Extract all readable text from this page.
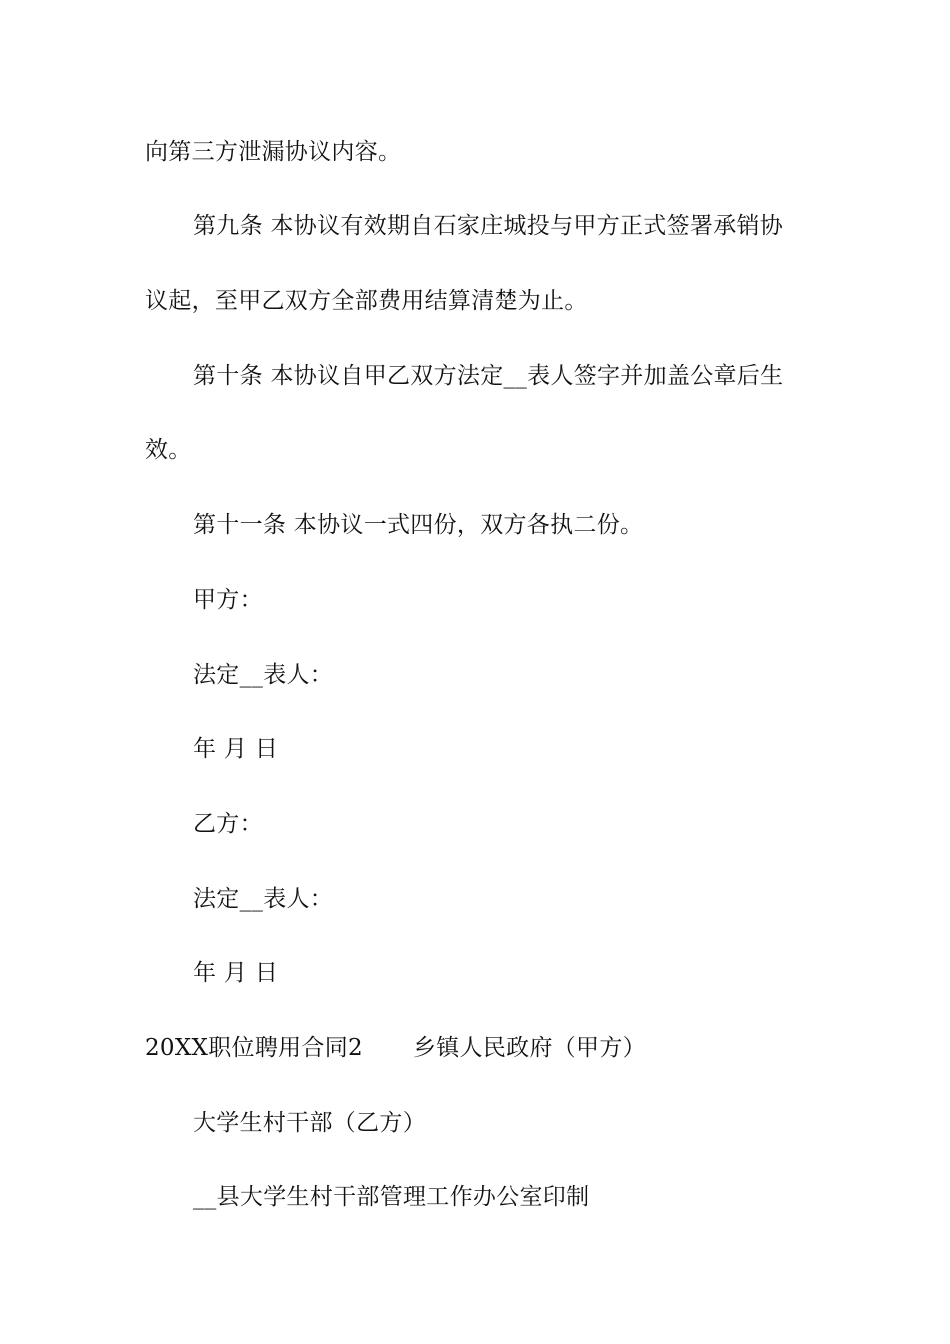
向第三方泄漏协议内容。
第九条 本协议有效期自石家庄城投与甲方正式签署承销协
议起，至甲乙双方全部费用结算清楚为止。
第十条 本协议自甲乙双方法定__表人签字并加盖公章后生
效。
第十一条 本协议一式四份，双方各执二份。
甲方：
法定__表人：
年 月 日
乙方：
法定__表人：
年 月 日
20XX职位聘用合同2 乡镇人民政府（甲方）
大学生村干部（乙方）
__县大学生村干部管理工作办公室印制
